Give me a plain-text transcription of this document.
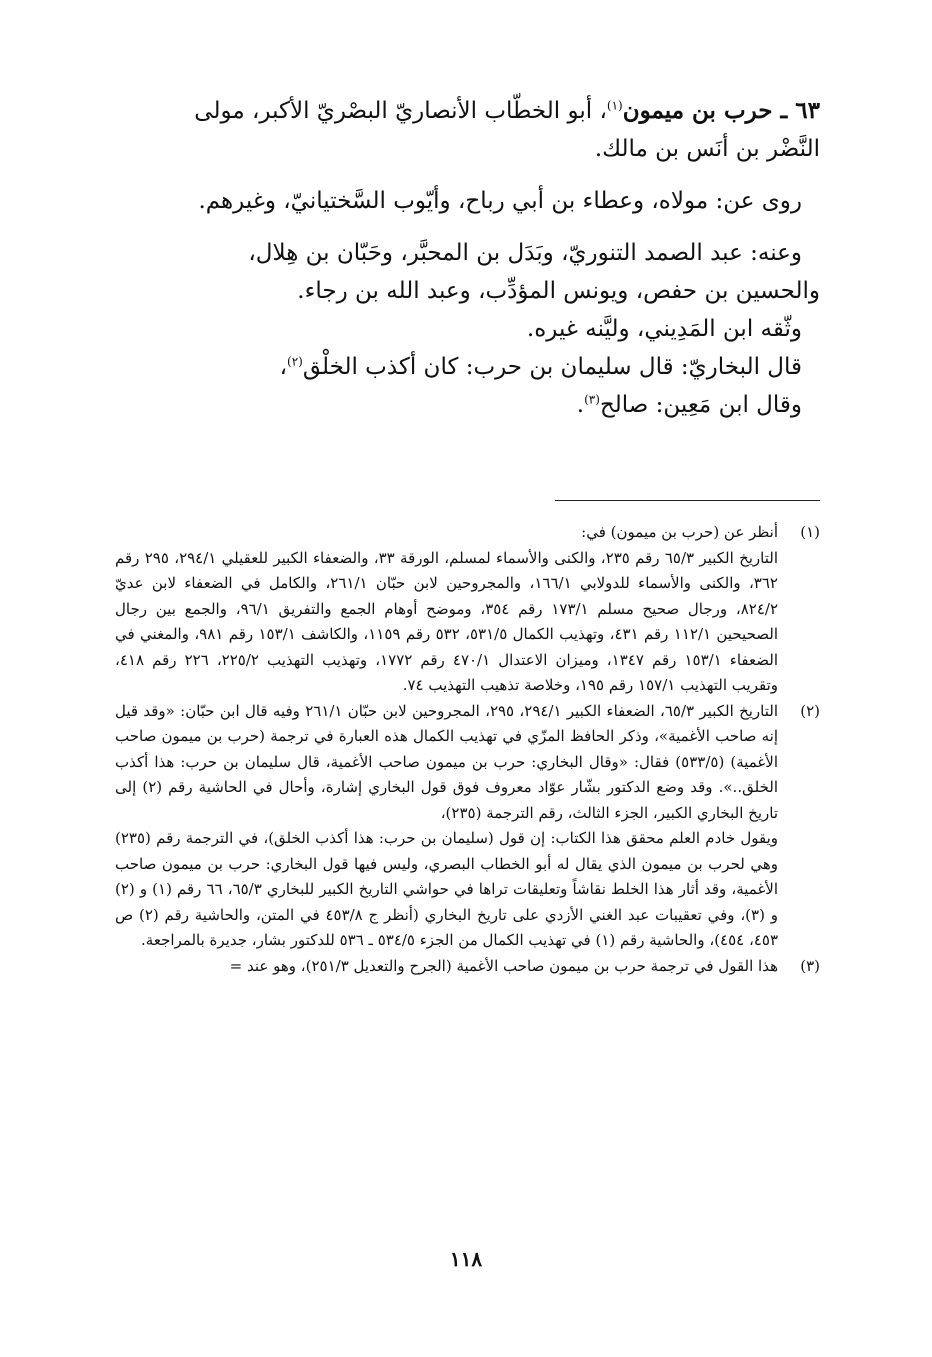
٦٣ ـ حرب بن ميمون$^{(١)}$، أبو الخطّاب الأنصاريّ البصْريّ الأكبر، مولى
النَّضْر بن أنَس بن مالك.

روى عن: مولاه، وعطاء بن أبي رباح، وأيّوب السَّختيانيّ، وغيرهم.

وعنه: عبد الصمد التنوريّ، وبَدَل بن المحبَّر، وحَبّان بن هِلال،

والحسين بن حفص، ويونس المؤدِّب، وعبد الله بن رجاء.

وثّقه ابن المَدِيني، وليَّنه غيره.

قال البخاريّ: قال سليمان بن حرب: كان أكذب الخلْق$^{(٢)}$،

وقال ابن مَعِين: صالح$^{(٣)}$.

(١)

أنظر عن (حرب بن ميمون) في:

التاريخ الكبير ٦٥/٣ رقم ٢٣٥، والكنى والأسماء لمسلم، الورقة ٣٣، والضعفاء الكبير للعقيلي ٢٩٤/١، ٢٩٥ رقم ٣٦٢، والكنى والأسماء للدولابي ١٦٦/١، والمجروحين لابن حبّان ٢٦١/١، والكامل في الضعفاء لابن عديّ ٨٢٤/٢، ورجال صحيح مسلم ١٧٣/١ رقم ٣٥٤، وموضح أوهام الجمع والتفريق ٩٦/١، والجمع بين رجال الصحيحين ١١٢/١ رقم ٤٣١، وتهذيب الكمال ٥٣١/٥، ٥٣٢ رقم ١١٥٩، والكاشف ١٥٣/١ رقم ٩٨١، والمغني في الضعفاء ١٥٣/١ رقم ١٣٤٧، وميزان الاعتدال ٤٧٠/١ رقم ١٧٧٢، وتهذيب التهذيب ٢٢٥/٢، ٢٢٦ رقم ٤١٨، وتقريب التهذيب ١٥٧/١ رقم ١٩٥، وخلاصة تذهيب التهذيب ٧٤.

(٢)

التاريخ الكبير ٦٥/٣، الضعفاء الكبير ٢٩٤/١، ٢٩٥، المجروحين لابن حبّان ٢٦١/١ وفيه قال ابن حبّان: «وقد قيل إنه صاحب الأغمية»، وذكر الحافظ المزّي في تهذيب الكمال هذه العبارة في ترجمة (حرب بن ميمون صاحب الأغمية) (٥٣٣/٥) فقال: «وقال البخاري: حرب بن ميمون صاحب الأغمية، قال سليمان بن حرب: هذا أكذب الخلق..». وقد وضع الدكتور بشّار عوّاد معروف فوق قول البخاري إشارة، وأحال في الحاشية رقم (٢) إلى تاريخ البخاري الكبير، الجزء الثالث، رقم الترجمة (٢٣٥)،

ويقول خادم العلم محقق هذا الكتاب: إن قول (سليمان بن حرب: هذا أكذب الخلق)، في الترجمة رقم (٢٣٥) وهي لحرب بن ميمون الذي يقال له أبو الخطاب البصري، وليس فيها قول البخاري: حرب بن ميمون صاحب الأغمية، وقد أثار هذا الخلط نقاشاً وتعليقات تراها في حواشي التاريخ الكبير للبخاري ٦٥/٣، ٦٦ رقم (١) و (٢) و (٣)، وفي تعقيبات عبد الغني الأزدي على تاريخ البخاري (أنظر ج ٤٥٣/٨ في المتن، والحاشية رقم (٢) ص ٤٥٣، ٤٥٤)، والحاشية رقم (١) في تهذيب الكمال من الجزء ٥٣٤/٥ ـ ٥٣٦ للدكتور بشار، جديرة بالمراجعة.

(٣)

هذا القول في ترجمة حرب بن ميمون صاحب الأغمية (الجرح والتعديل ٢٥١/٣)، وهو عند =

١١٨
